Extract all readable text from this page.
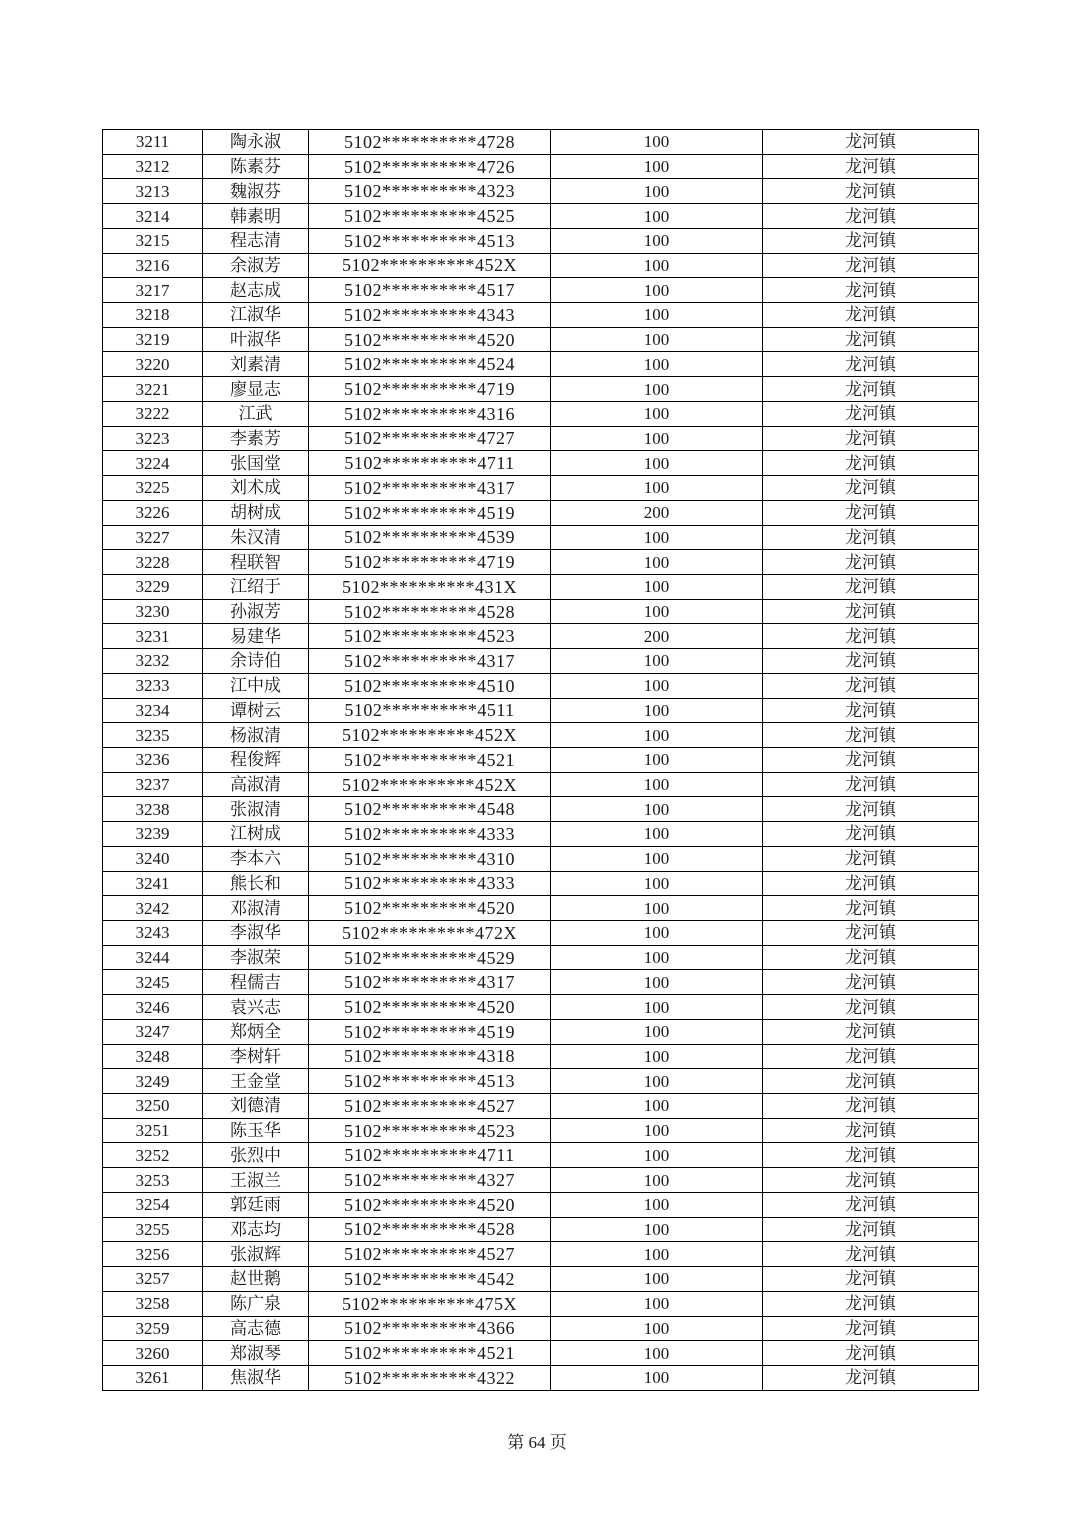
3211	陶永淑	5102**********4728	100	龙河镇
3212	陈素芬	5102**********4726	100	龙河镇
3213	魏淑芬	5102**********4323	100	龙河镇
3214	韩素明	5102**********4525	100	龙河镇
3215	程志清	5102**********4513	100	龙河镇
3216	余淑芳	5102**********452X	100	龙河镇
3217	赵志成	5102**********4517	100	龙河镇
3218	江淑华	5102**********4343	100	龙河镇
3219	叶淑华	5102**********4520	100	龙河镇
3220	刘素清	5102**********4524	100	龙河镇
3221	廖显志	5102**********4719	100	龙河镇
3222	江武	5102**********4316	100	龙河镇
3223	李素芳	5102**********4727	100	龙河镇
3224	张国堂	5102**********4711	100	龙河镇
3225	刘术成	5102**********4317	100	龙河镇
3226	胡树成	5102**********4519	200	龙河镇
3227	朱汉清	5102**********4539	100	龙河镇
3228	程联智	5102**********4719	100	龙河镇
3229	江绍于	5102**********431X	100	龙河镇
3230	孙淑芳	5102**********4528	100	龙河镇
3231	易建华	5102**********4523	200	龙河镇
3232	余诗伯	5102**********4317	100	龙河镇
3233	江中成	5102**********4510	100	龙河镇
3234	谭树云	5102**********4511	100	龙河镇
3235	杨淑清	5102**********452X	100	龙河镇
3236	程俊辉	5102**********4521	100	龙河镇
3237	高淑清	5102**********452X	100	龙河镇
3238	张淑清	5102**********4548	100	龙河镇
3239	江树成	5102**********4333	100	龙河镇
3240	李本六	5102**********4310	100	龙河镇
3241	熊长和	5102**********4333	100	龙河镇
3242	邓淑清	5102**********4520	100	龙河镇
3243	李淑华	5102**********472X	100	龙河镇
3244	李淑荣	5102**********4529	100	龙河镇
3245	程儒吉	5102**********4317	100	龙河镇
3246	袁兴志	5102**********4520	100	龙河镇
3247	郑炳全	5102**********4519	100	龙河镇
3248	李树轩	5102**********4318	100	龙河镇
3249	王金堂	5102**********4513	100	龙河镇
3250	刘德清	5102**********4527	100	龙河镇
3251	陈玉华	5102**********4523	100	龙河镇
3252	张烈中	5102**********4711	100	龙河镇
3253	王淑兰	5102**********4327	100	龙河镇
3254	郭廷雨	5102**********4520	100	龙河镇
3255	邓志均	5102**********4528	100	龙河镇
3256	张淑辉	5102**********4527	100	龙河镇
3257	赵世鹅	5102**********4542	100	龙河镇
3258	陈广泉	5102**********475X	100	龙河镇
3259	高志德	5102**********4366	100	龙河镇
3260	郑淑琴	5102**********4521	100	龙河镇
3261	焦淑华	5102**********4322	100	龙河镇
第 64 页
